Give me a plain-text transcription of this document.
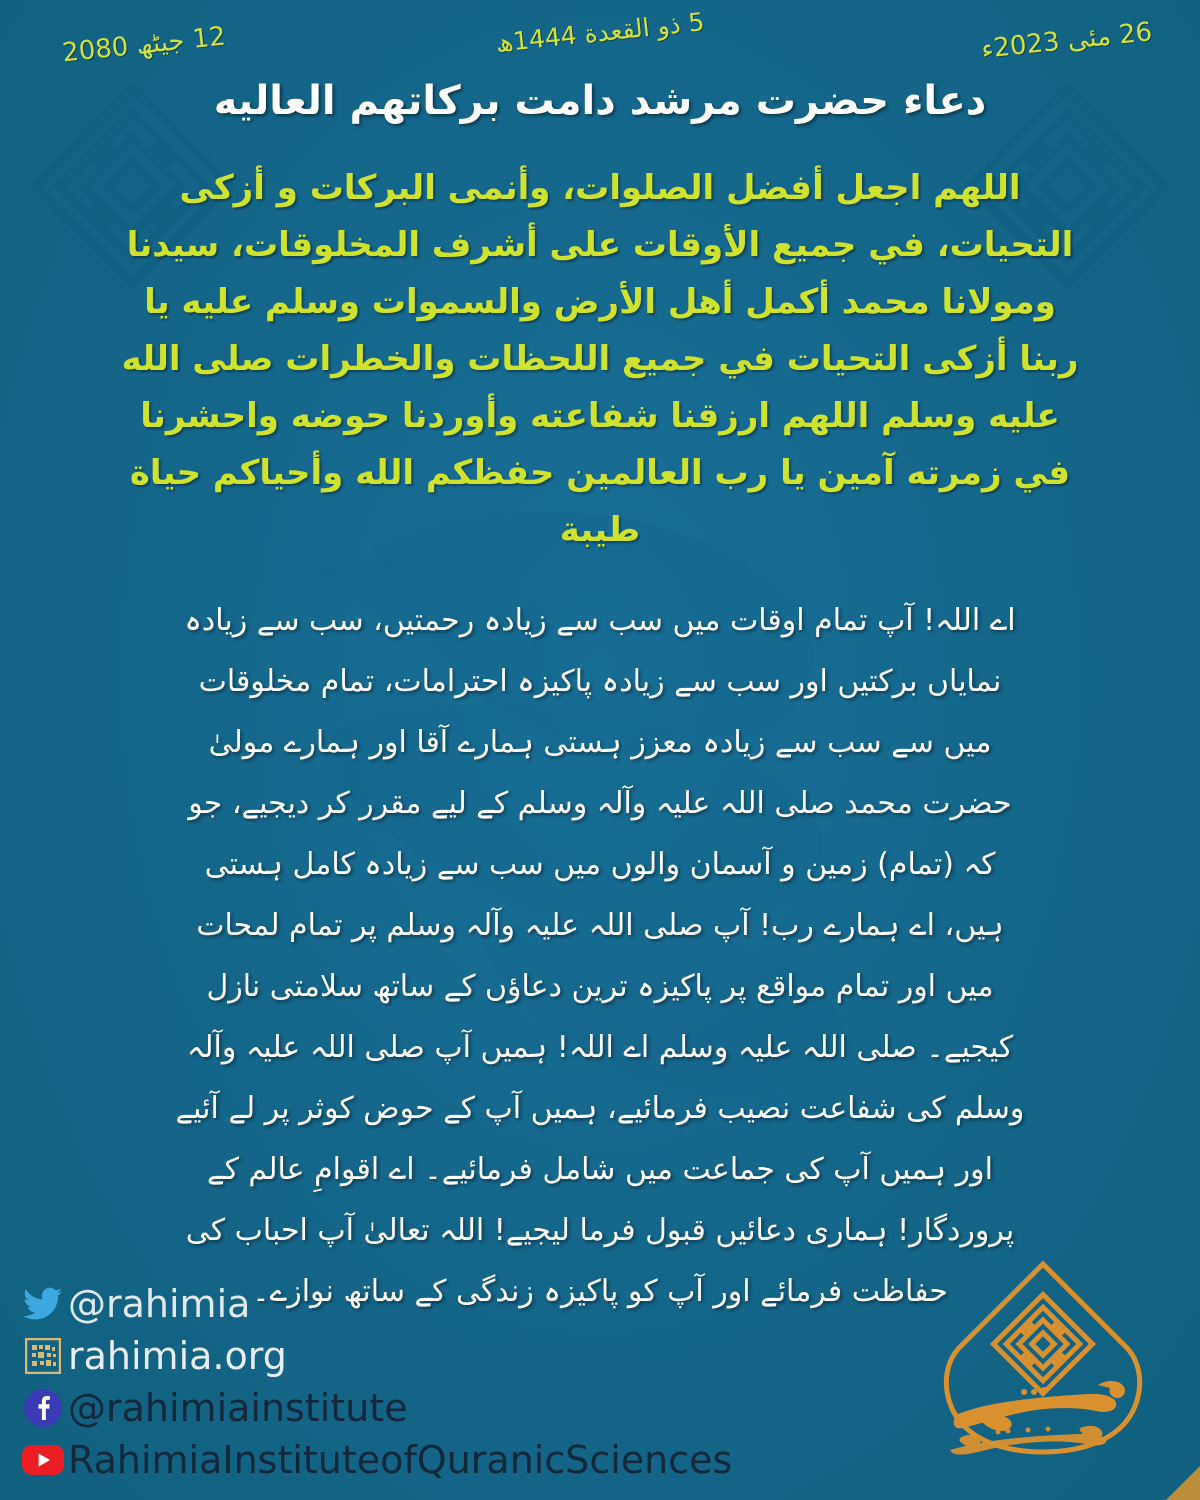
12 جیٹھ 2080	5 ذو القعدة 1444ھ
26 مئی 2023ء
دعاء حضرت مرشد دامت بركاتهم العالیه
اللهم اجعل أفضل الصلوات، وأنمى البركات و أزكى التحيات، في جميع الأوقات على أشرف المخلوقات، سيدنا ومولانا محمد أكمل أهل الأرض والسموات وسلم عليه يا ربنا أزكى التحيات في جميع اللحظات والخطرات صلى الله عليه وسلم اللهم ارزقنا شفاعته وأوردنا حوضه واحشرنا في زمرته آمين يا رب العالمين حفظكم الله وأحياكم حياة طيبة
اے اللہ! آپ تمام اوقات میں سب سے زیادہ رحمتیں، سب سے زیادہ نمایاں بركتیں اور سب سے زیادہ پاکیزہ احترامات، تمام مخلوقات میں سے سب سے زیادہ معزز ہستی ہمارے آقا اور ہمارے مولیٰ حضرت محمد صلی اللہ علیہ وآلہ وسلم کے لیے مقرر کر دیجیے، جو کہ (تمام) زمین و آسمان والوں میں سب سے زیادہ کامل ہستی ہیں، اے ہمارے رب! آپ صلی اللہ علیہ وآلہ وسلم پر تمام لمحات میں اور تمام مواقع پر پاکیزہ ترین دعاؤں کے ساتھ سلامتی نازل کیجیے۔ صلی اللہ علیہ وسلم اے اللہ! ہمیں آپ صلی اللہ علیہ وآلہ وسلم کی شفاعت نصیب فرمائیے، ہمیں آپ کے حوض کوثر پر لے آئیے اور ہمیں آپ کی جماعت میں شامل فرمائیے۔ اے اقوامِ عالم کے پروردگار! ہماری دعائیں قبول فرما لیجیے! اللہ تعالیٰ آپ احباب کی حفاظت فرمائے اور آپ کو پاکیزہ زندگی کے ساتھ نوازے۔
@rahimia
rahimia.org
@rahimiainstitute
RahimiaInstituteofQuranicSciences
